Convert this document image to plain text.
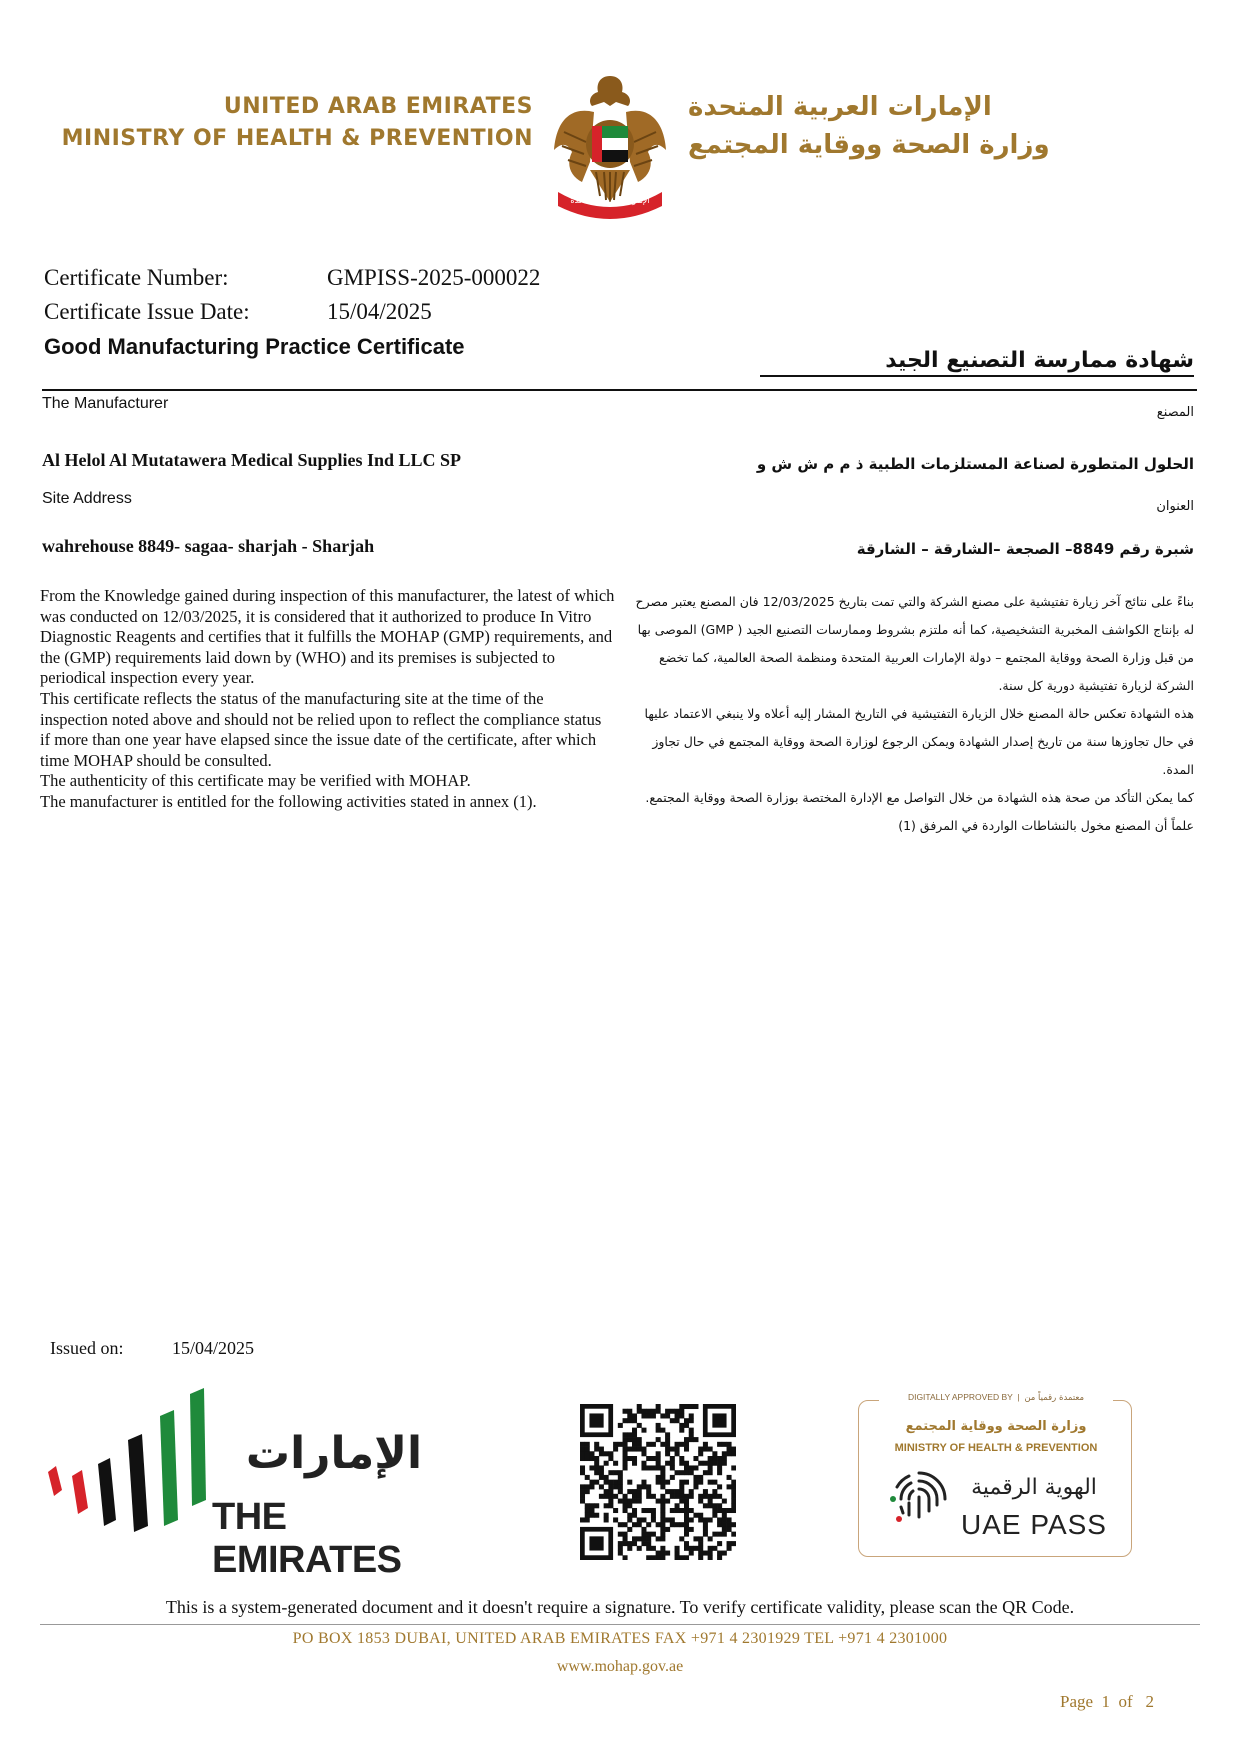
UNITED ARAB EMIRATES
MINISTRY OF HEALTH & PREVENTION
الإمارات العربية المتحدة
الإمارات العربية المتحدة
وزارة الصحة ووقاية المجتمع
Certificate Number:	GMPISS-2025-000022
Certificate Issue Date:	15/04/2025
Good Manufacturing Practice Certificate
شهادة ممارسة التصنيع الجيد
The Manufacturer
المصنع
Al Helol Al Mutatawera Medical Supplies Ind LLC SP	الحلول المتطورة لصناعة المستلزمات الطبية ذ م م ش ش و
Site Address	العنوان
wahrehouse 8849- sagaa- sharjah - Sharjah	شبرة رقم 8849– الصجعة –الشارقة – الشارقة

From the Knowledge gained during inspection of this manufacturer, the latest of which was conducted on 12/03/2025, it is considered that it authorized to produce In Vitro Diagnostic Reagents and certifies that it fulfills the MOHAP (GMP) requirements, and the (GMP) requirements laid down by (WHO) and its premises is subjected to periodical inspection every year.

This certificate reflects the status of the manufacturing site at the time of the inspection noted above and should not be relied upon to reflect the compliance status if more than one year have elapsed since the issue date of the certificate, after which time MOHAP should be consulted.

The authenticity of this certificate may be verified with MOHAP.

The manufacturer is entitled for the following activities stated in annex (1).

بناءً على نتائج آخر زيارة تفتيشية على مصنع الشركة والتي تمت بتاريخ 12/03/2025 فان المصنع يعتبر مصرح له بإنتاج الكواشف المخبرية التشخيصية، كما أنه ملتزم بشروط وممارسات التصنيع الجيد ( GMP) الموصى بها من قبل وزارة الصحة ووقاية المجتمع – دولة الإمارات العربية المتحدة ومنظمة الصحة العالمية، كما تخضع الشركة لزيارة تفتيشية دورية كل سنة.

هذه الشهادة تعكس حالة المصنع خلال الزيارة التفتيشية في التاريخ المشار إليه أعلاه ولا ينبغي الاعتماد عليها في حال تجاوزها سنة من تاريخ إصدار الشهادة ويمكن الرجوع لوزارة الصحة ووقاية المجتمع في حال تجاوز المدة.

كما يمكن التأكد من صحة هذه الشهادة من خلال التواصل مع الإدارة المختصة بوزارة الصحة ووقاية المجتمع.

علماً أن المصنع مخول بالنشاطات الواردة في المرفق (1)

Issued on:	15/04/2025
الإمارات
THE EMIRATES
DIGITALLY APPROVED BY  |  معتمدة رقمياً من
وزارة الصحة ووقاية المجتمع
MINISTRY OF HEALTH & PREVENTION
الهوية الرقمية
UAE PASS
This is a system-generated document and it doesn't require a signature. To verify certificate validity, please scan the QR Code.
PO BOX 1853 DUBAI, UNITED ARAB EMIRATES FAX +971 4 2301929 TEL +971 4 2301000
www.mohap.gov.ae
Page 1 of 2
